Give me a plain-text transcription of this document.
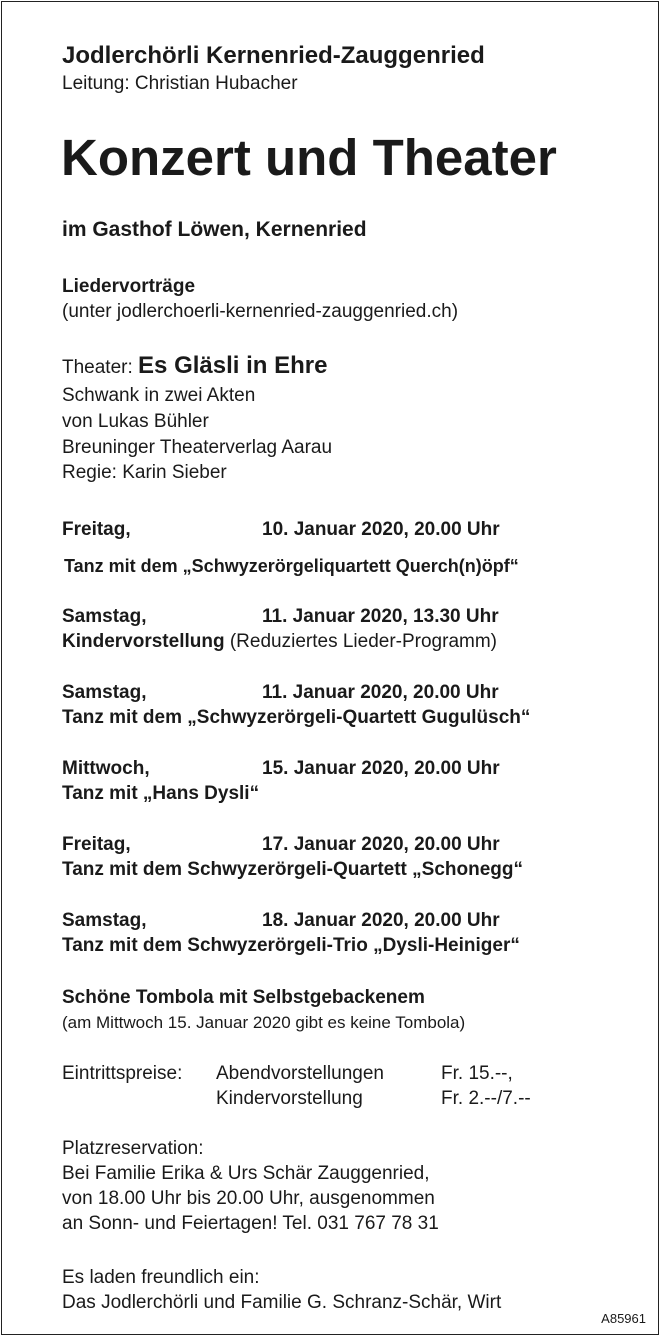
Jodlerchörli Kernenried-Zauggenried
Leitung: Christian Hubacher
Konzert und Theater
im Gasthof Löwen, Kernenried
Liedervorträge
(unter jodlerchoerli-kernenried-zauggenried.ch)
Theater: Es Gläsli in Ehre
Schwank in zwei Akten
von Lukas Bühler
Breuninger Theaterverlag Aarau
Regie: Karin Sieber
Freitag,	10. Januar 2020, 20.00 Uhr
Tanz mit dem „Schwyzerörgeliquartett Querch(n)öpf“
Samstag,	11. Januar 2020, 13.30 Uhr
Kindervorstellung (Reduziertes Lieder-Programm)
Samstag,	11. Januar 2020, 20.00 Uhr
Tanz mit dem „Schwyzerörgeli-Quartett Gugulüsch“
Mittwoch,	15. Januar 2020, 20.00 Uhr
Tanz mit „Hans Dysli“
Freitag,	17. Januar 2020, 20.00 Uhr
Tanz mit dem Schwyzerörgeli-Quartett „Schonegg“
Samstag,	18. Januar 2020, 20.00 Uhr
Tanz mit dem Schwyzerörgeli-Trio „Dysli-Heiniger“
Schöne Tombola mit Selbstgebackenem
(am Mittwoch 15. Januar 2020 gibt es keine Tombola)
Eintrittspreise: Abendvorstellungen	Fr. 15.--,
Kindervorstellung	Fr. 2.--/7.--
Platzreservation:
Bei Familie Erika & Urs Schär Zauggenried,
von 18.00 Uhr bis 20.00 Uhr, ausgenommen
an Sonn- und Feiertagen! Tel. 031 767 78 31
Es laden freundlich ein:
Das Jodlerchörli und Familie G. Schranz-Schär, Wirt
A85961
